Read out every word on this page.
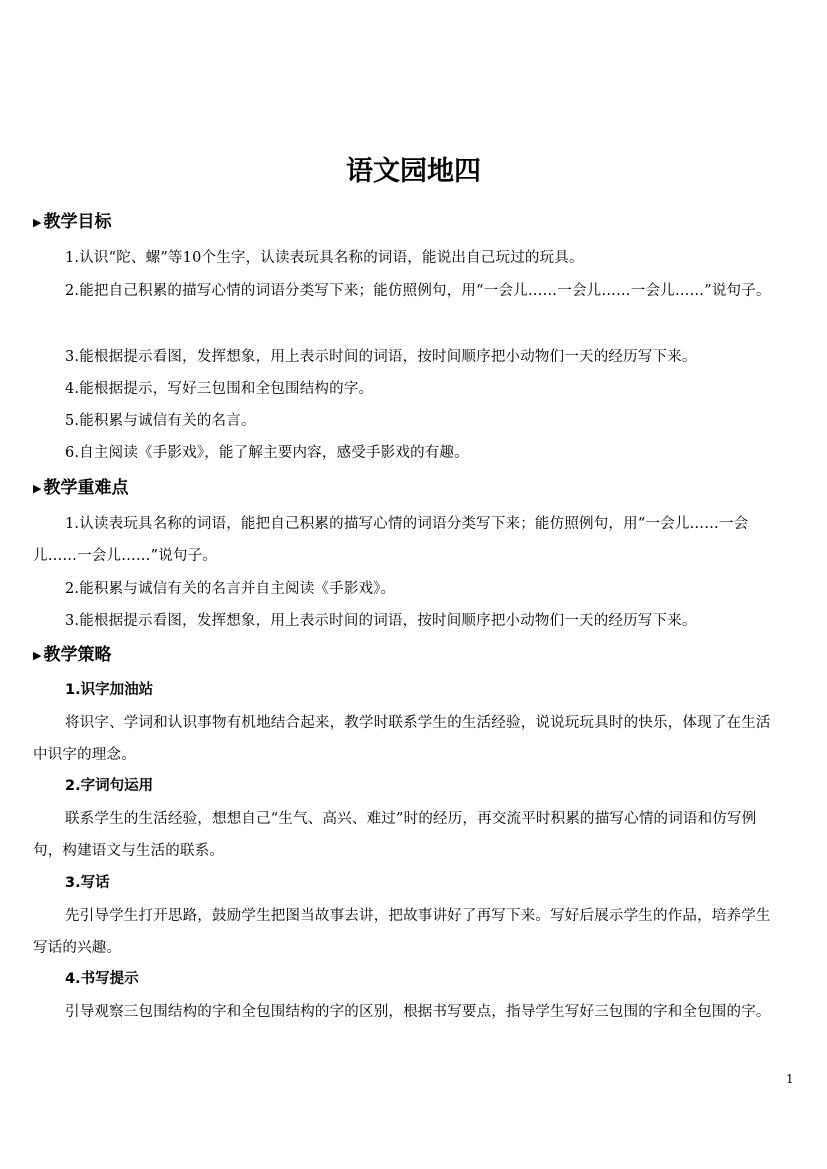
语文园地四
▶ 教学目标

1.认识“陀、螺”等10个生字，认读表玩具名称的词语，能说出自己玩过的玩具。

2.能把自己积累的描写心情的词语分类写下来；能仿照例句，用“一会儿……一会儿……一会儿……”说句子。

3.能根据提示看图，发挥想象，用上表示时间的词语，按时间顺序把小动物们一天的经历写下来。

4.能根据提示，写好三包围和全包围结构的字。

5.能积累与诚信有关的名言。

6.自主阅读《手影戏》，能了解主要内容，感受手影戏的有趣。

▶ 教学重难点

1.认读表玩具名称的词语，能把自己积累的描写心情的词语分类写下来；能仿照例句，用“一会儿……一会儿……一会儿……”说句子。

2.能积累与诚信有关的名言并自主阅读《手影戏》。

3.能根据提示看图，发挥想象，用上表示时间的词语，按时间顺序把小动物们一天的经历写下来。

▶ 教学策略
1.识字加油站

将识字、学词和认识事物有机地结合起来，教学时联系学生的生活经验，说说玩玩具时的快乐，体现了在生活中识字的理念。

2.字词句运用

联系学生的生活经验，想想自己“生气、高兴、难过”时的经历，再交流平时积累的描写心情的词语和仿写例句，构建语文与生活的联系。

3.写话

先引导学生打开思路，鼓励学生把图当故事去讲，把故事讲好了再写下来。写好后展示学生的作品，培养学生写话的兴趣。

4.书写提示

引导观察三包围结构的字和全包围结构的字的区别，根据书写要点，指导学生写好三包围的字和全包围的字。

1
